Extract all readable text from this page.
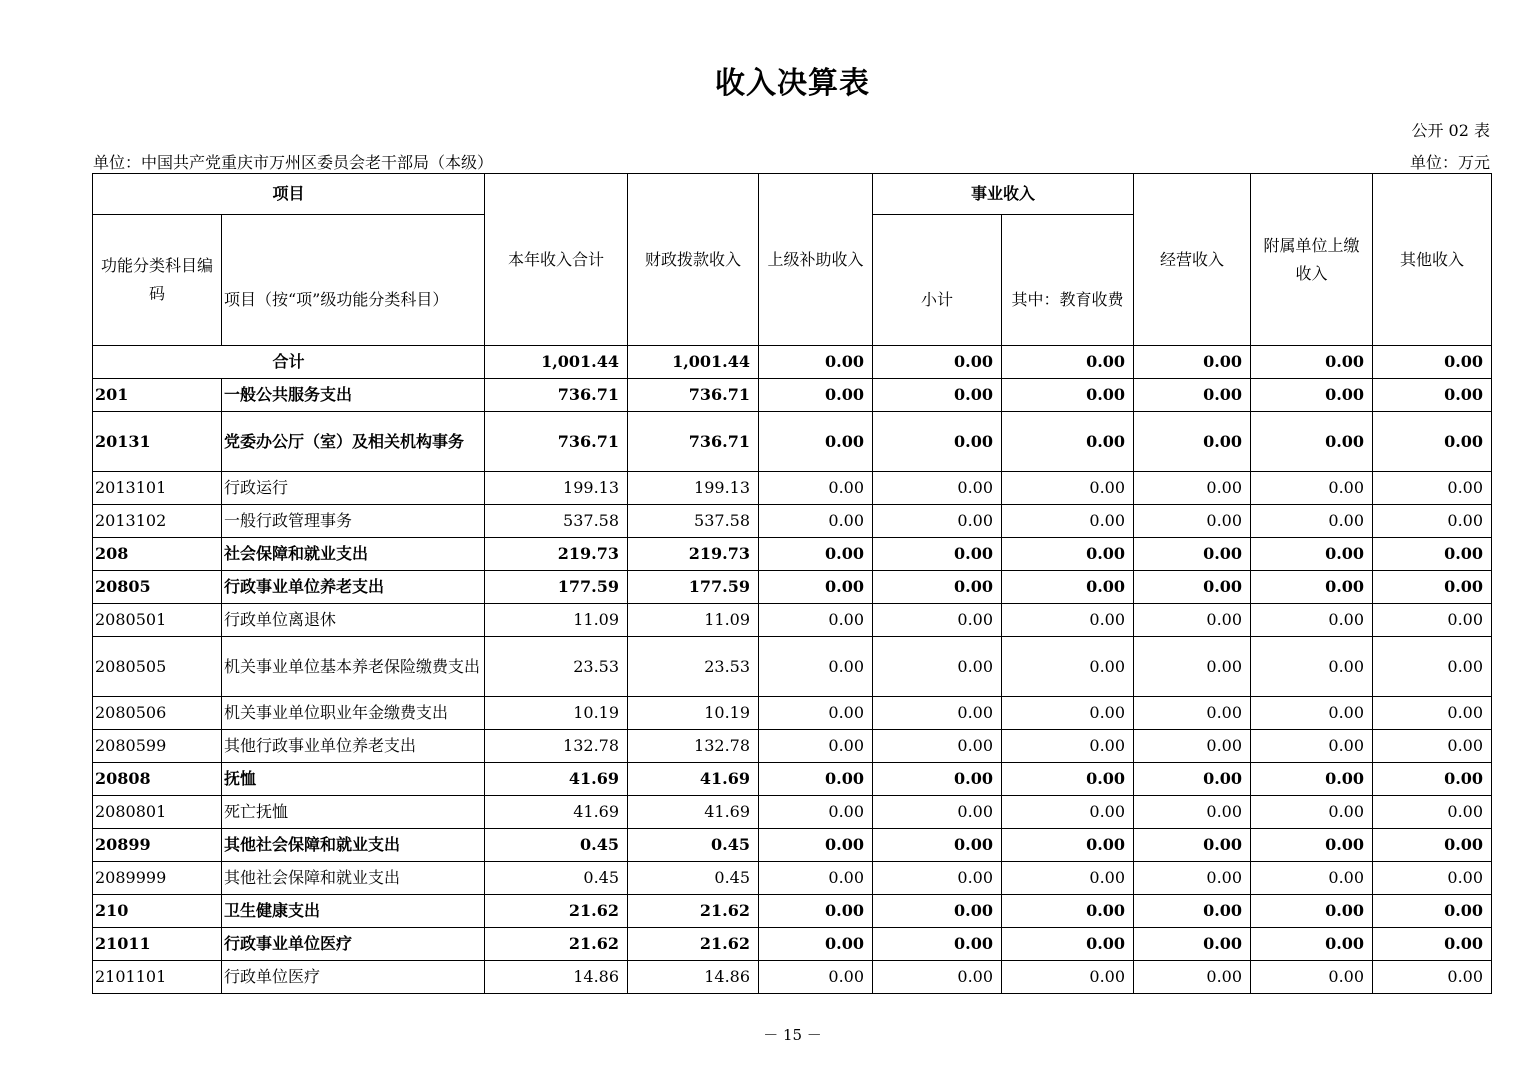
收入决算表
公开 02 表
单位：中国共产党重庆市万州区委员会老干部局（本级）	单位：万元
项目		本年收入合计	财政拨款收入	上级补助收入	事业收入		经营收入	附属单位上缴收入	其他收入
功能分类科目编码	项目（按“项”级功能分类科目）				小计	其中：教育收费			
合计		1,001.44	1,001.44	0.00	0.00	0.00	0.00	0.00	0.00
201	一般公共服务支出	736.71	736.71	0.00	0.00	0.00	0.00	0.00	0.00
20131	党委办公厅（室）及相关机构事务	736.71	736.71	0.00	0.00	0.00	0.00	0.00	0.00
2013101	行政运行	199.13	199.13	0.00	0.00	0.00	0.00	0.00	0.00
2013102	一般行政管理事务	537.58	537.58	0.00	0.00	0.00	0.00	0.00	0.00
208	社会保障和就业支出	219.73	219.73	0.00	0.00	0.00	0.00	0.00	0.00
20805	行政事业单位养老支出	177.59	177.59	0.00	0.00	0.00	0.00	0.00	0.00
2080501	行政单位离退休	11.09	11.09	0.00	0.00	0.00	0.00	0.00	0.00
2080505	机关事业单位基本养老保险缴费支出	23.53	23.53	0.00	0.00	0.00	0.00	0.00	0.00
2080506	机关事业单位职业年金缴费支出	10.19	10.19	0.00	0.00	0.00	0.00	0.00	0.00
2080599	其他行政事业单位养老支出	132.78	132.78	0.00	0.00	0.00	0.00	0.00	0.00
20808	抚恤	41.69	41.69	0.00	0.00	0.00	0.00	0.00	0.00
2080801	死亡抚恤	41.69	41.69	0.00	0.00	0.00	0.00	0.00	0.00
20899	其他社会保障和就业支出	0.45	0.45	0.00	0.00	0.00	0.00	0.00	0.00
2089999	其他社会保障和就业支出	0.45	0.45	0.00	0.00	0.00	0.00	0.00	0.00
210	卫生健康支出	21.62	21.62	0.00	0.00	0.00	0.00	0.00	0.00
21011	行政事业单位医疗	21.62	21.62	0.00	0.00	0.00	0.00	0.00	0.00
2101101	行政单位医疗	14.86	14.86	0.00	0.00	0.00	0.00	0.00	0.00
－ 15 －
